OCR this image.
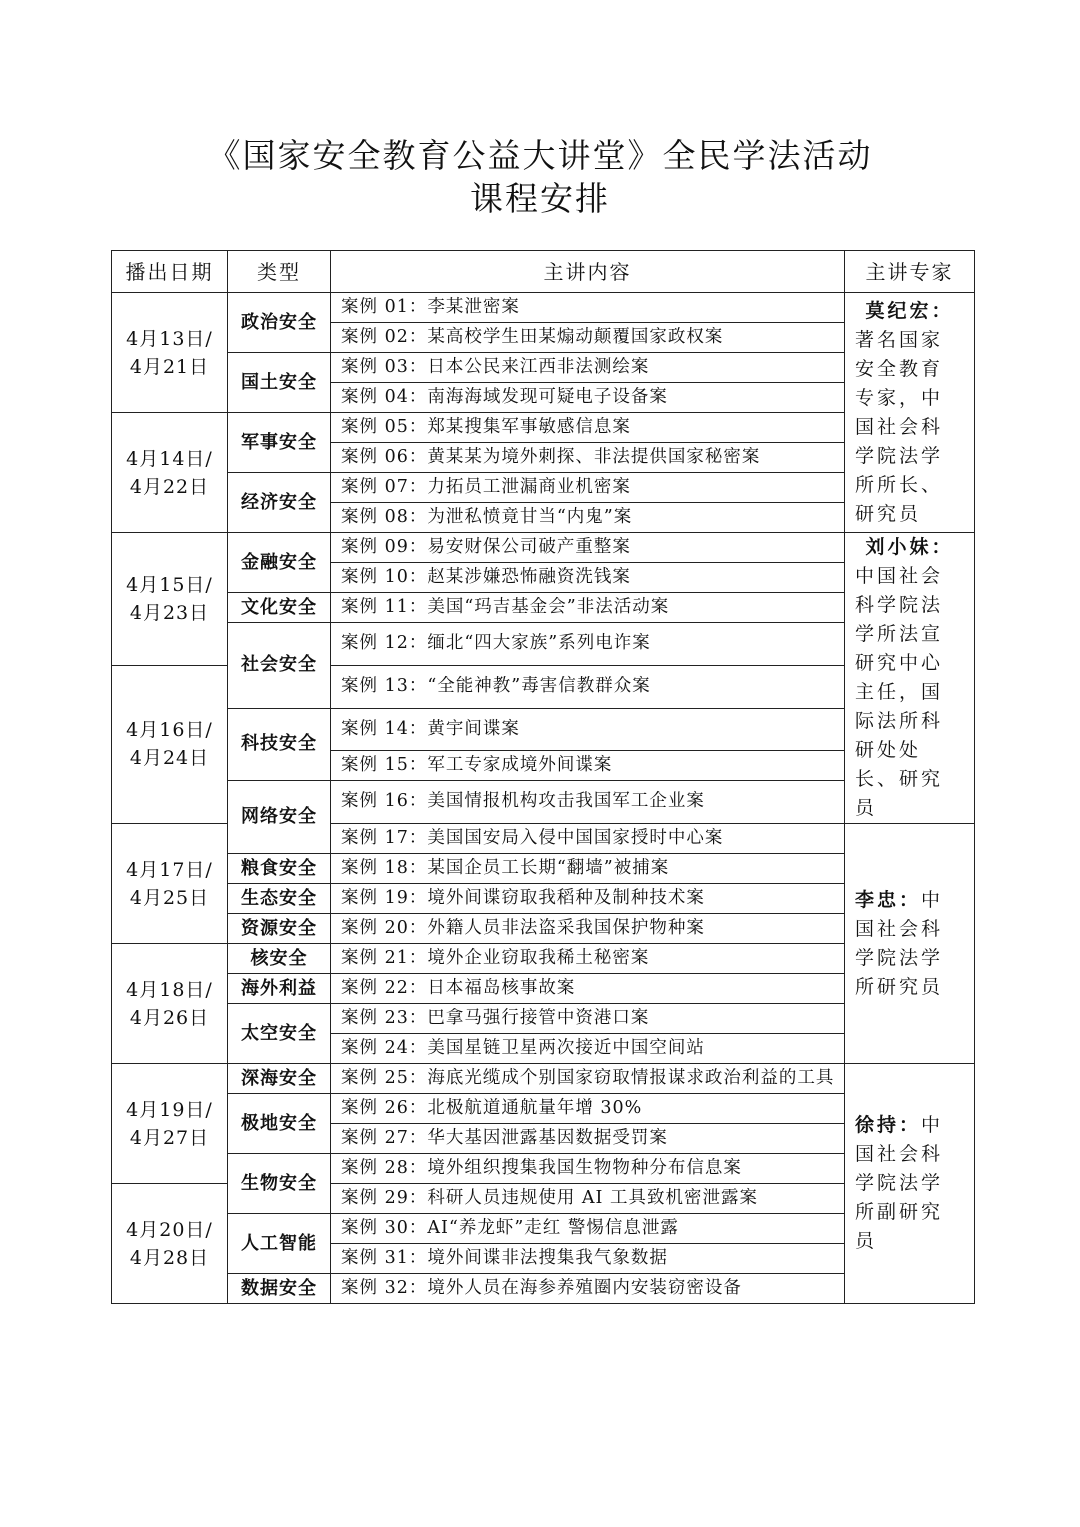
《国家安全教育公益大讲堂》全民学法活动
课程安排
播出日期	类型	主讲内容	主讲专家
4月13日/
4月21日	政治安全	案例 01：李某泄密案	莫纪宏：
著名国家安全教育专家，中国社会科学院法学所所长、研究员
		案例 02：某高校学生田某煽动颠覆国家政权案	
	国土安全	案例 03：日本公民来江西非法测绘案	
		案例 04：南海海域发现可疑电子设备案	
4月14日/
4月22日	军事安全	案例 05：郑某搜集军事敏感信息案	
		案例 06：黄某某为境外刺探、非法提供国家秘密案	
	经济安全	案例 07：力拓员工泄漏商业机密案	
		案例 08：为泄私愤竟甘当“内鬼”案	
4月15日/
4月23日	金融安全	案例 09：易安财保公司破产重整案	刘小妹：
中国社会科学院法学所法宣研究中心主任，国际法所科研处处长、研究员
		案例 10：赵某涉嫌恐怖融资洗钱案	
	文化安全	案例 11：美国“玛吉基金会”非法活动案	
	社会安全	案例 12：缅北“四大家族”系列电诈案	
4月16日/
4月24日		案例 13：“全能神教”毒害信教群众案	
	科技安全	案例 14：黄宇间谍案	
		案例 15：军工专家成境外间谍案	
	网络安全	案例 16：美国情报机构攻击我国军工企业案	
4月17日/
4月25日		案例 17：美国国安局入侵中国国家授时中心案	李忠：中国社会科学院法学所研究员
	粮食安全	案例 18：某国企员工长期“翻墙”被捕案	
	生态安全	案例 19：境外间谍窃取我稻种及制种技术案	
	资源安全	案例 20：外籍人员非法盗采我国保护物种案	
4月18日/
4月26日	核安全	案例 21：境外企业窃取我稀土秘密案	
	海外利益	案例 22：日本福岛核事故案	
	太空安全	案例 23：巴拿马强行接管中资港口案	
		案例 24：美国星链卫星两次接近中国空间站	
4月19日/
4月27日	深海安全	案例 25：海底光缆成个别国家窃取情报谋求政治利益的工具	徐持：中国社会科学院法学所副研究员
	极地安全	案例 26：北极航道通航量年增 30%	
		案例 27：华大基因泄露基因数据受罚案	
	生物安全	案例 28：境外组织搜集我国生物物种分布信息案	
4月20日/
4月28日		案例 29：科研人员违规使用 AI 工具致机密泄露案	
	人工智能	案例 30：AI“养龙虾”走红 警惕信息泄露	
		案例 31：境外间谍非法搜集我气象数据	
	数据安全	案例 32：境外人员在海参养殖圈内安装窃密设备	
